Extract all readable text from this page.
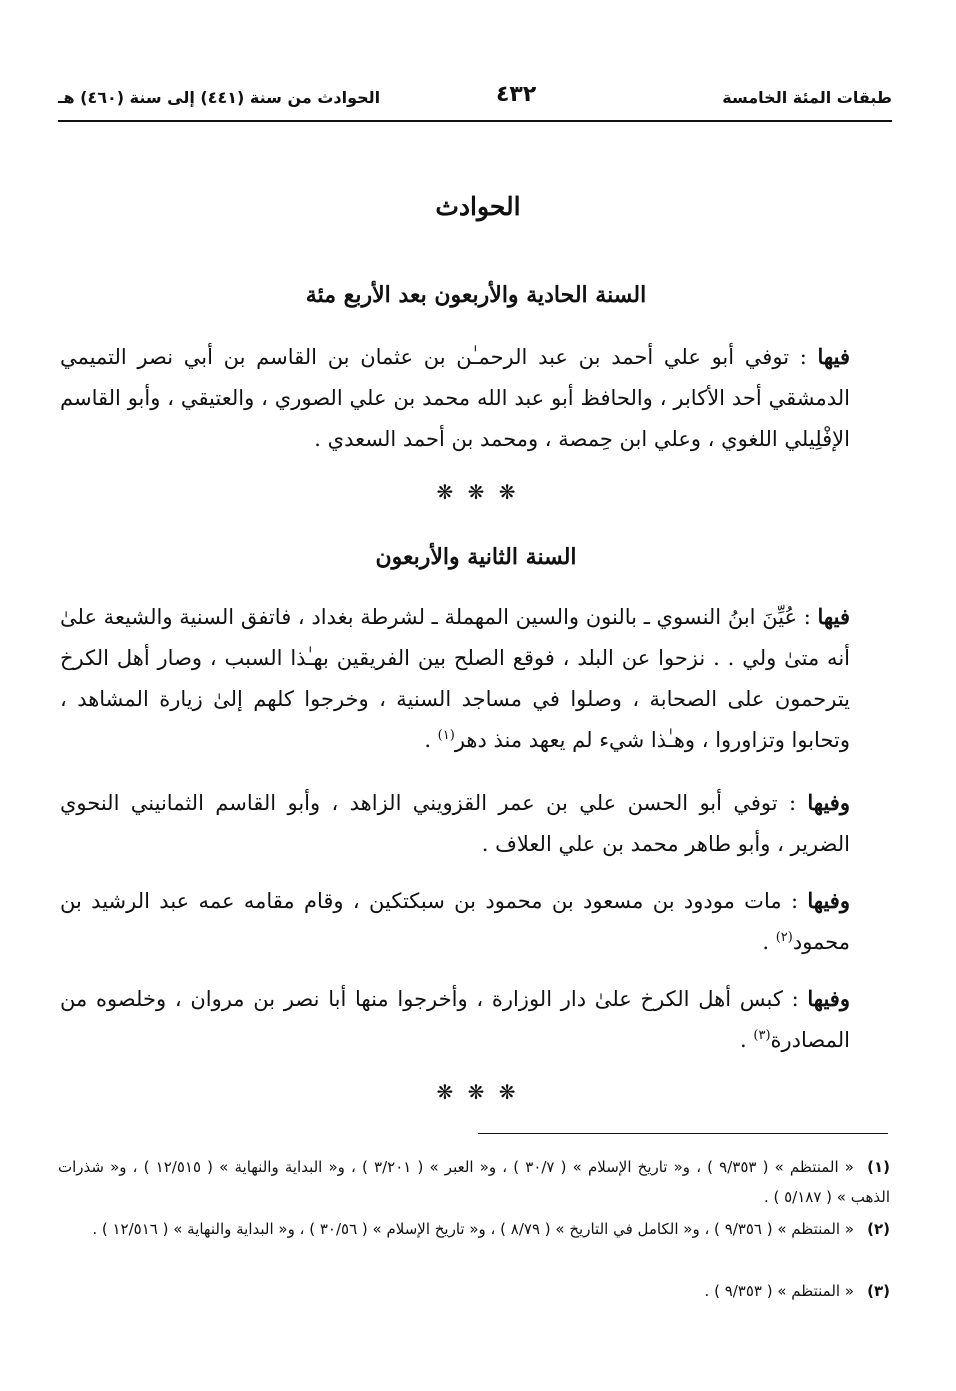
طبقات المئة الخامسة
٤٣٢
الحوادث من سنة (٤٤١) إلى سنة (٤٦٠) هـ
الحوادث
السنة الحادية والأربعون بعد الأربع مئة
فيها : توفي أبو علي أحمد بن عبد الرحمـٰن بن عثمان بن القاسم بن أبي نصر التميمي الدمشقي أحد الأكابر ، والحافظ أبو عبد الله محمد بن علي الصوري ، والعتيقي ، وأبو القاسم الإفْلِيلي اللغوي ، وعلي ابن حِمصة ، ومحمد بن أحمد السعدي .
❋ ❋ ❋
السنة الثانية والأربعون
فيها : عُيِّنَ ابنُ النسوي ـ بالنون والسين المهملة ـ لشرطة بغداد ، فاتفق السنية والشيعة علىٰ أنه متىٰ ولي . . نزحوا عن البلد ، فوقع الصلح بين الفريقين بهـٰذا السبب ، وصار أهل الكرخ يترحمون على الصحابة ، وصلوا في مساجد السنية ، وخرجوا كلهم إلىٰ زيارة المشاهد ، وتحابوا وتزاوروا ، وهـٰذا شيء لم يعهد منذ دهر$^{(١)}$ .
وفيها : توفي أبو الحسن علي بن عمر القزويني الزاهد ، وأبو القاسم الثمانيني النحوي الضرير ، وأبو طاهر محمد بن علي العلاف .
وفيها : مات مودود بن مسعود بن محمود بن سبكتكين ، وقام مقامه عمه عبد الرشيد بن محمود$^{(٢)}$ .
وفيها : كبس أهل الكرخ علىٰ دار الوزارة ، وأخرجوا منها أبا نصر بن مروان ، وخلصوه من المصادرة$^{(٣)}$ .
❋ ❋ ❋
(١)« المنتظم » ( ٩/٣٥٣ ) ، و« تاريخ الإسلام » ( ٣٠/٧ ) ، و« العبر » ( ٣/٢٠١ ) ، و« البداية والنهاية » ( ١٢/٥١٥ ) ، و« شذرات الذهب » ( ٥/١٨٧ ) .
(٢)« المنتظم » ( ٩/٣٥٦ ) ، و« الكامل في التاريخ » ( ٨/٧٩ ) ، و« تاريخ الإسلام » ( ٣٠/٥٦ ) ، و« البداية والنهاية » ( ١٢/٥١٦ ) .
(٣)« المنتظم » ( ٩/٣٥٣ ) .
